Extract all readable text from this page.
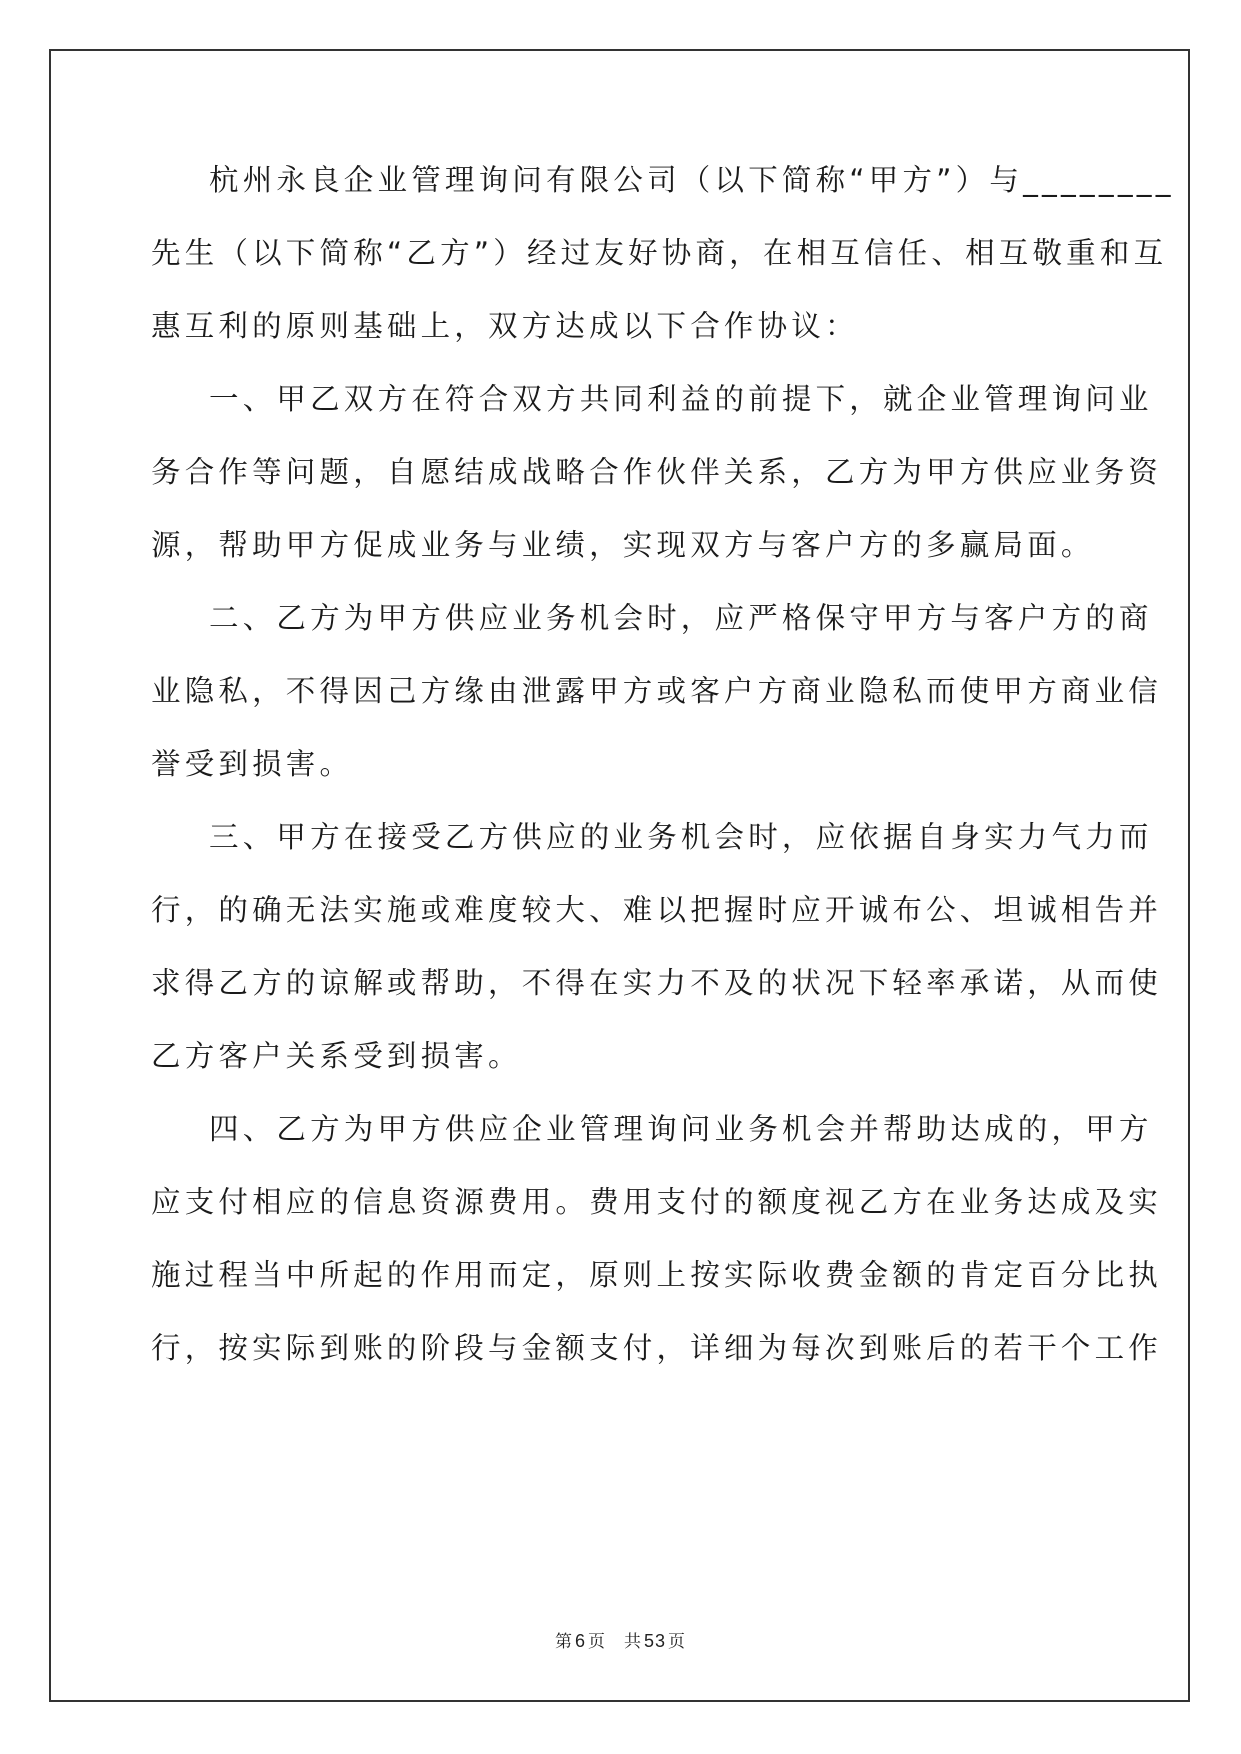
杭州永良企业管理询问有限公司（以下简称“甲方”）与________
先生（以下简称“乙方”）经过友好协商，在相互信任、相互敬重和互
惠互利的原则基础上，双方达成以下合作协议：
一、甲乙双方在符合双方共同利益的前提下，就企业管理询问业
务合作等问题，自愿结成战略合作伙伴关系，乙方为甲方供应业务资
源，帮助甲方促成业务与业绩，实现双方与客户方的多赢局面。
二、乙方为甲方供应业务机会时，应严格保守甲方与客户方的商
业隐私，不得因己方缘由泄露甲方或客户方商业隐私而使甲方商业信
誉受到损害。
三、甲方在接受乙方供应的业务机会时，应依据自身实力气力而
行，的确无法实施或难度较大、难以把握时应开诚布公、坦诚相告并
求得乙方的谅解或帮助，不得在实力不及的状况下轻率承诺，从而使
乙方客户关系受到损害。
四、乙方为甲方供应企业管理询问业务机会并帮助达成的，甲方
应支付相应的信息资源费用。费用支付的额度视乙方在业务达成及实
施过程当中所起的作用而定，原则上按实际收费金额的肯定百分比执
行，按实际到账的阶段与金额支付，详细为每次到账后的若干个工作
第 6 页 共 53 页
